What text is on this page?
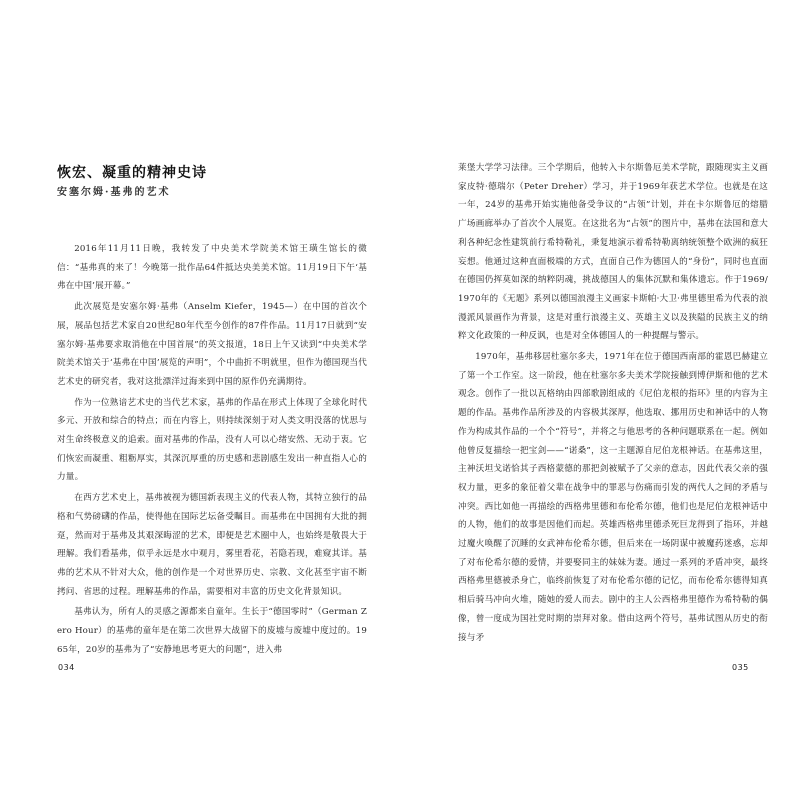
恢宏、凝重的精神史诗
安塞尔姆·基弗的艺术

2016年11月11日晚，我转发了中央美术学院美术馆王璜生馆长的微信：“基弗真的来了！今晚第一批作品64件抵达央美美术馆。11月19日下午‘基弗在中国’展开幕。”

此次展览是安塞尔姆·基弗（Anselm Kiefer，1945—）在中国的首次个展，展品包括艺术家自20世纪80年代至今创作的87件作品。11月17日就到“安塞尔姆·基弗要求取消他在中国首展”的英文报道，18日上午又读到“中央美术学院美术馆关于‘基弗在中国’展览的声明”，个中曲折不明就里，但作为德国现当代艺术史的研究者，我对这批漂洋过海来到中国的原作仍充满期待。

作为一位熟谙艺术史的当代艺术家，基弗的作品在形式上体现了全球化时代多元、开放和综合的特点；而在内容上，则持续深刻于对人类文明没落的忧思与对生命终极意义的追索。面对基弗的作品，没有人可以心绪安然、无动于衷。它们恢宏而凝重、粗粝厚实，其深沉厚重的历史感和悲剧感生发出一种直指人心的力量。

在西方艺术史上，基弗被视为德国新表现主义的代表人物，其特立独行的品格和气势磅礴的作品，使得他在国际艺坛备受瞩目。而基弗在中国拥有大批的拥趸，然而对于基弗及其艰深晦涩的艺术，即便是艺术圈中人，也始终是敬畏大于理解。我们看基弗，似乎永远是水中观月，雾里看花，若隐若现，难窥其详。基弗的艺术从不针对大众，他的创作是一个对世界历史、宗教、文化甚至宇宙不断拷问、省思的过程。理解基弗的作品，需要相对丰富的历史文化背景知识。

基弗认为，所有人的灵感之源都来自童年。生长于“德国零时”（German Zero Hour）的基弗的童年是在第二次世界大战留下的废墟与废墟中度过的。1965年，20岁的基弗为了“安静地思考更大的问题”，进入弗

034

莱堡大学学习法律。三个学期后，他转入卡尔斯鲁厄美术学院，跟随现实主义画家皮特·德瑞尔（Peter Dreher）学习，并于1969年获艺术学位。也就是在这一年，24岁的基弗开始实施他备受争议的“占领”计划，并在卡尔斯鲁厄的熔腊广场画廊举办了首次个人展览。在这批名为“占领”的图片中，基弗在法国和意大利各种纪念性建筑前行希特勒礼，秉复地演示着希特勒离纳统领整个欧洲的疯狂妄想。他通过这种直面极端的方式，直面自己作为德国人的“身份”，同时也直面在德国仍挥莫如深的纳粹阴魂，挑战德国人的集体沉默和集体遗忘。作于1969/1970年的《无题》系列以德国浪漫主义画家卡斯帕·大卫·弗里德里希为代表的浪漫派风景画作为背景，这是对重行浪漫主义、英雄主义以及狭隘的民族主义的纳粹文化政策的一种反讽，也是对全体德国人的一种提醒与警示。

1970年，基弗移居杜塞尔多夫，1971年在位于德国西南部的霍恩巴赫建立了第一个工作室。这一阶段，他在杜塞尔多夫美术学院接触到博伊斯和他的艺术观念。创作了一批以瓦格纳由四部歌剧组成的《尼伯龙根的指环》里的内容为主题的作品。基弗作品所涉及的内容极其深厚，他选取、挪用历史和神话中的人物作为构成其作品的一个个“符号”，并将之与他思考的各种问题联系在一起。例如他曾反复描绘一把宝剑——“诺桑”，这一主题源自尼伯龙根神话。在基弗这里，主神沃坦戈诺恰其子西格蒙德的那把剑被赋予了父亲的意志，因此代表父亲的强权力量，更多的象征着父辈在战争中的罪恶与伤痛而引发的两代人之间的矛盾与冲突。西比如他一再描绘的西格弗里德和布伦希尔德，他们也是尼伯龙根神话中的人物，他们的故事是因他们而起。英雄西格弗里德杀死巨龙得到了指环，并越过魔火唤醒了沉睡的女武神布伦希尔德，但后来在一场阴谋中被魔药迷惑，忘却了对布伦希尔德的爱情，并要娶同主的妹妹为妻。通过一系列的矛盾冲突，最终西格弗里德被杀身亡，临终前恢复了对布伦希尔德的记忆，而布伦希尔德得知真相后骑马冲向火堆，随她的爱人而去。剧中的主人公西格弗里德作为希特勒的偶像，曾一度成为国社党时期的崇拜对象。借由这两个符号，基弗试图从历史的衔接与矛

035
